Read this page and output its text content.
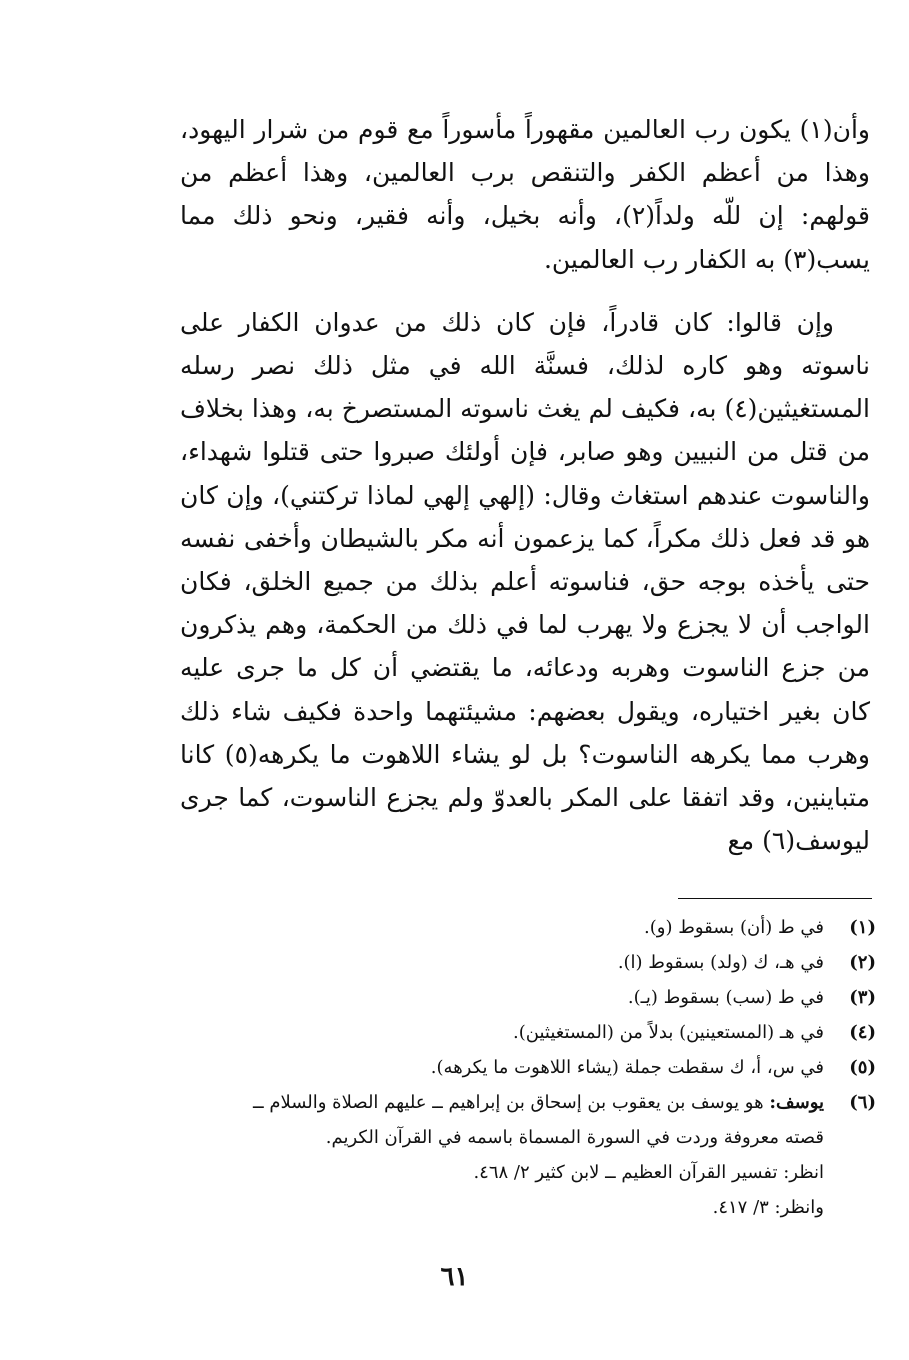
وأن(١) يكون رب العالمين مقهوراً مأسوراً مع قوم من شرار اليهود، وهذا من أعظم الكفر والتنقص برب العالمين، وهذا أعظم من قولهم: إن للّه ولداً(٢)، وأنه بخيل، وأنه فقير، ونحو ذلك مما يسب(٣) به الكفار رب العالمين.

وإن قالوا: كان قادراً، فإن كان ذلك من عدوان الكفار على ناسوته وهو كاره لذلك، فسنَّة الله في مثل ذلك نصر رسله المستغيثين(٤) به، فكيف لم يغث ناسوته المستصرخ به، وهذا بخلاف من قتل من النبيين وهو صابر، فإن أولئك صبروا حتى قتلوا شهداء، والناسوت عندهم استغاث وقال: (إلهي إلهي لماذا تركتني)، وإن كان هو قد فعل ذلك مكراً، كما يزعمون أنه مكر بالشيطان وأخفى نفسه حتى يأخذه بوجه حق، فناسوته أعلم بذلك من جميع الخلق، فكان الواجب أن لا يجزع ولا يهرب لما في ذلك من الحكمة، وهم يذكرون من جزع الناسوت وهربه ودعائه، ما يقتضي أن كل ما جرى عليه كان بغير اختياره، ويقول بعضهم: مشيئتهما واحدة فكيف شاء ذلك وهرب مما يكرهه الناسوت؟ بل لو يشاء اللاهوت ما يكرهه(٥) كانا متباينين، وقد اتفقا على المكر بالعدوّ ولم يجزع الناسوت، كما جرى ليوسف(٦) مع

(١)
في ط (أن) بسقوط (و).
(٢)
في هـ، ك (ولد) بسقوط (ا).
(٣)
في ط (سب) بسقوط (يـ).
(٤)
في هـ (المستعينين) بدلاً من (المستغيثين).
(٥)
في س، أ، ك سقطت جملة (يشاء اللاهوت ما يكرهه).
(٦)
يوسف: هو يوسف بن يعقوب بن إسحاق بن إبراهيم ــ عليهم الصلاة والسلام ــ
قصته معروفة وردت في السورة المسماة باسمه في القرآن الكريم.
انظر: تفسير القرآن العظيم ــ لابن كثير ٢/ ٤٦٨.
وانظر: ٣/ ٤١٧.
٦١
